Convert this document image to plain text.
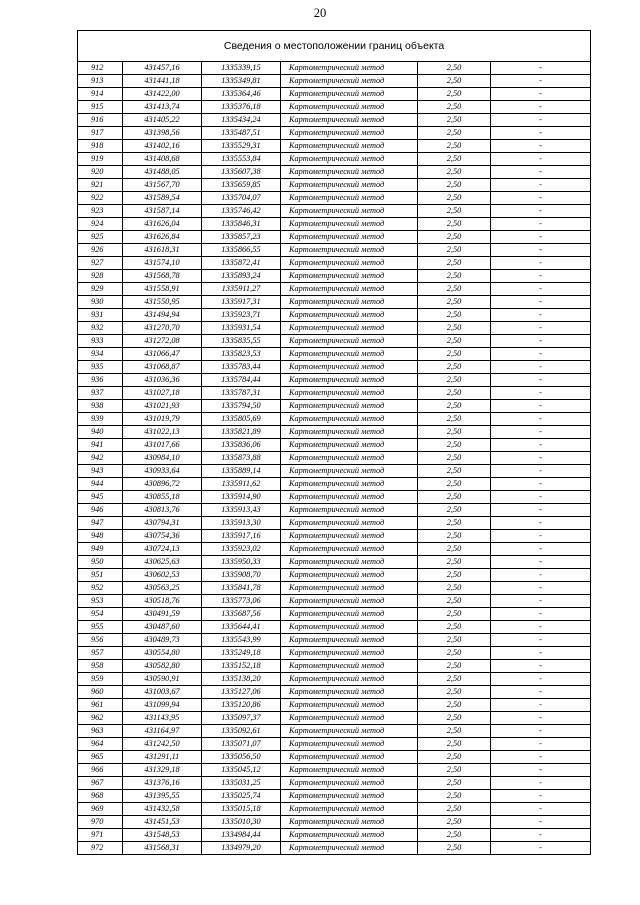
20
Сведения о местоположении границ объекта					
912	431457,16	1335339,15	Картометрический метод	2,50	-
913	431441,18	1335349,81	Картометрический метод	2,50	-
914	431422,00	1335364,46	Картометрический метод	2,50	-
915	431413,74	1335376,18	Картометрический метод	2,50	-
916	431405,22	1335434,24	Картометрический метод	2,50	-
917	431398,56	1335487,51	Картометрический метод	2,50	-
918	431402,16	1335529,31	Картометрический метод	2,50	-
919	431408,68	1335553,84	Картометрический метод	2,50	-
920	431488,05	1335607,38	Картометрический метод	2,50	-
921	431567,70	1335659,85	Картометрический метод	2,50	-
922	431589,54	1335704,07	Картометрический метод	2,50	-
923	431587,14	1335746,42	Картометрический метод	2,50	-
924	431626,04	1335846,31	Картометрический метод	2,50	-
925	431626,84	1335857,23	Картометрический метод	2,50	-
926	431618,31	1335866,55	Картометрический метод	2,50	-
927	431574,10	1335872,41	Картометрический метод	2,50	-
928	431568,78	1335893,24	Картометрический метод	2,50	-
929	431558,91	1335911,27	Картометрический метод	2,50	-
930	431550,95	1335917,31	Картометрический метод	2,50	-
931	431494,94	1335923,71	Картометрический метод	2,50	-
932	431270,70	1335931,54	Картометрический метод	2,50	-
933	431272,08	1335835,55	Картометрический метод	2,50	-
934	431066,47	1335823,53	Картометрический метод	2,50	-
935	431068,87	1335783,44	Картометрический метод	2,50	-
936	431036,36	1335784,44	Картометрический метод	2,50	-
937	431027,18	1335787,31	Картометрический метод	2,50	-
938	431021,93	1335794,50	Картометрический метод	2,50	-
939	431019,79	1335805,69	Картометрический метод	2,50	-
940	431022,13	1335821,89	Картометрический метод	2,50	-
941	431017,66	1335836,06	Картометрический метод	2,50	-
942	430984,10	1335873,88	Картометрический метод	2,50	-
943	430933,64	1335889,14	Картометрический метод	2,50	-
944	430896,72	1335911,62	Картометрический метод	2,50	-
945	430855,18	1335914,90	Картометрический метод	2,50	-
946	430813,76	1335913,43	Картометрический метод	2,50	-
947	430794,31	1335913,30	Картометрический метод	2,50	-
948	430754,36	1335917,16	Картометрический метод	2,50	-
949	430724,13	1335923,02	Картометрический метод	2,50	-
950	430625,63	1335950,33	Картометрический метод	2,50	-
951	430602,53	1335908,70	Картометрический метод	2,50	-
952	430563,25	1335841,78	Картометрический метод	2,50	-
953	430518,76	1335773,06	Картометрический метод	2,50	-
954	430491,59	1335687,56	Картометрический метод	2,50	-
955	430487,60	1335644,41	Картометрический метод	2,50	-
956	430489,73	1335543,99	Картометрический метод	2,50	-
957	430554,80	1335249,18	Картометрический метод	2,50	-
958	430582,80	1335152,18	Картометрический метод	2,50	-
959	430590,91	1335138,20	Картометрический метод	2,50	-
960	431003,67	1335127,06	Картометрический метод	2,50	-
961	431099,94	1335120,86	Картометрический метод	2,50	-
962	431143,95	1335097,37	Картометрический метод	2,50	-
963	431164,97	1335092,61	Картометрический метод	2,50	-
964	431242,50	1335071,07	Картометрический метод	2,50	-
965	431291,11	1335056,50	Картометрический метод	2,50	-
966	431329,18	1335045,12	Картометрический метод	2,50	-
967	431376,16	1335031,25	Картометрический метод	2,50	-
968	431395,55	1335025,74	Картометрический метод	2,50	-
969	431432,58	1335015,18	Картометрический метод	2,50	-
970	431451,53	1335010,30	Картометрический метод	2,50	-
971	431548,53	1334984,44	Картометрический метод	2,50	-
972	431568,31	1334979,20	Картометрический метод	2,50	-
